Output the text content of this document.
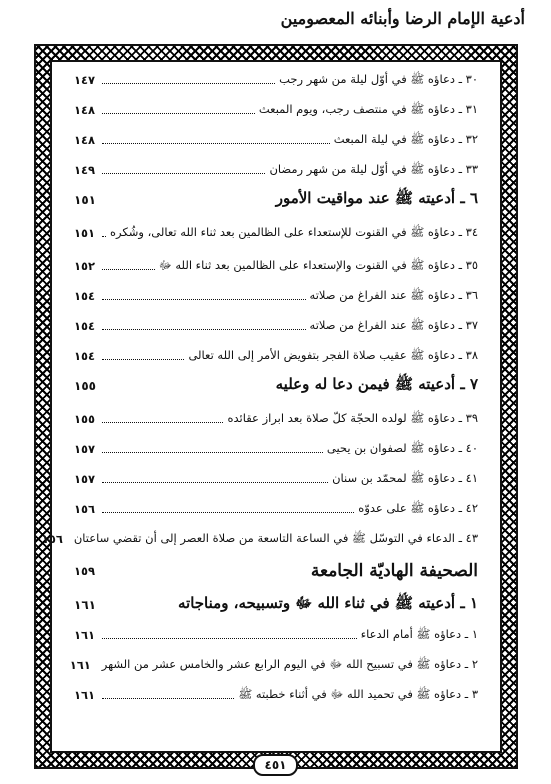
أدعية الإمام الرضا وأبنائه المعصومين
٣٠ ـ دعاؤه ﷺ في أوّل ليلة من شهر رجب
١٤٧
٣١ ـ دعاؤه ﷺ في منتصف رجب، ويوم المبعث
١٤٨
٣٢ ـ دعاؤه ﷺ في ليلة المبعث
١٤٨
٣٣ ـ دعاؤه ﷺ في أوّل ليلة من شهر رمضان
١٤٩
٦ ـ أدعيته ﷺ عند مواقيت الأمور
١٥١
٣٤ ـ دعاؤه ﷺ في القنوت للإستعداء على الظالمين بعد ثناء الله تعالى، وشُكره
١٥١
٣٥ ـ دعاؤه ﷺ في القنوت والإستعداء على الظالمين بعد ثناء الله ﷻ
١٥٢
٣٦ ـ دعاؤه ﷺ عند الفراغ من صلاته
١٥٤
٣٧ ـ دعاؤه ﷺ عند الفراغ من صلاته
١٥٤
٣٨ ـ دعاؤه ﷺ عقيب صلاة الفجر بتفويض الأمر إلى الله تعالى
١٥٤
٧ ـ أدعيته ﷺ فيمن دعا له وعليه
١٥٥
٣٩ ـ دعاؤه ﷺ لولده الحجّة كلّ صلاة بعد ابراز عقائده
١٥٥
٤٠ ـ دعاؤه ﷺ لصفوان بن يحيى
١٥٧
٤١ ـ دعاؤه ﷺ لمحمّد بن سنان
١٥٧
٤٢ ـ دعاؤه ﷺ على عدوّه
١٥٦
٤٣ ـ الدعاء في التوسّل ﷺ في الساعة التاسعة من صلاة العصر إلى أن تقضي ساعتان
١٥٦
الصحيفة الهاديّة الجامعة
١٥٩
١ ـ أدعيته ﷺ في ثناء الله ﷻ وتسبيحه، ومناجاته
١٦١
١ ـ دعاؤه ﷺ أمام الدعاء
١٦١
٢ ـ دعاؤه ﷺ في تسبيح الله ﷻ في اليوم الرابع عشر والخامس عشر من الشهر
١٦١
٣ ـ دعاؤه ﷺ في تحميد الله ﷻ في أثناء خطبته ﷺ
١٦١
٤٥١
